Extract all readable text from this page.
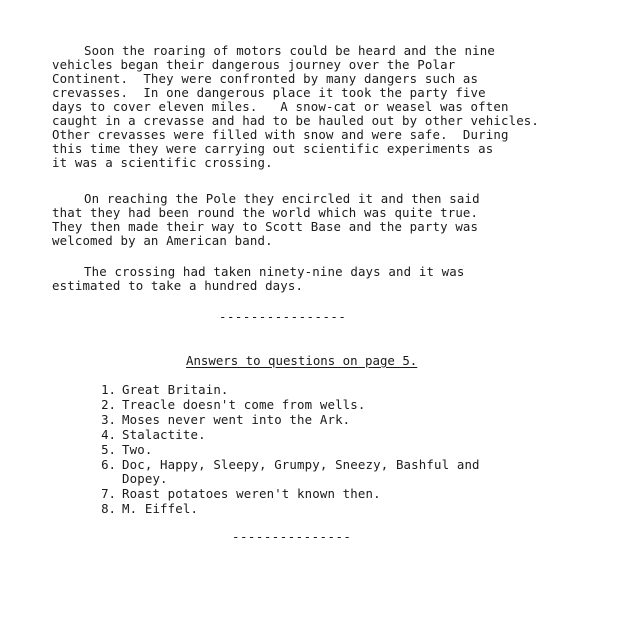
Soon the roaring of motors could be heard and the nine
vehicles began their dangerous journey over the Polar
Continent.  They were confronted by many dangers such as
crevasses.  In one dangerous place it took the party five
days to cover eleven miles.   A snow-cat or weasel was often
caught in a crevasse and had to be hauled out by other vehicles.
Other crevasses were filled with snow and were safe.  During
this time they were carrying out scientific experiments as
it was a scientific crossing.
On reaching the Pole they encircled it and then said
that they had been round the world which was quite true.
They then made their way to Scott Base and the party was
welcomed by an American band.
The crossing had taken ninety-nine days and it was
estimated to take a hundred days.
----------------
Answers to questions on page 5.
1. Great Britain.
2. Treacle doesn't come from wells.
3. Moses never went into the Ark.
4. Stalactite.
5. Two.
6. Doc, Happy, Sleepy, Grumpy, Sneezy, Bashful and
Dopey.
7. Roast potatoes weren't known then.
8. M. Eiffel.
---------------
